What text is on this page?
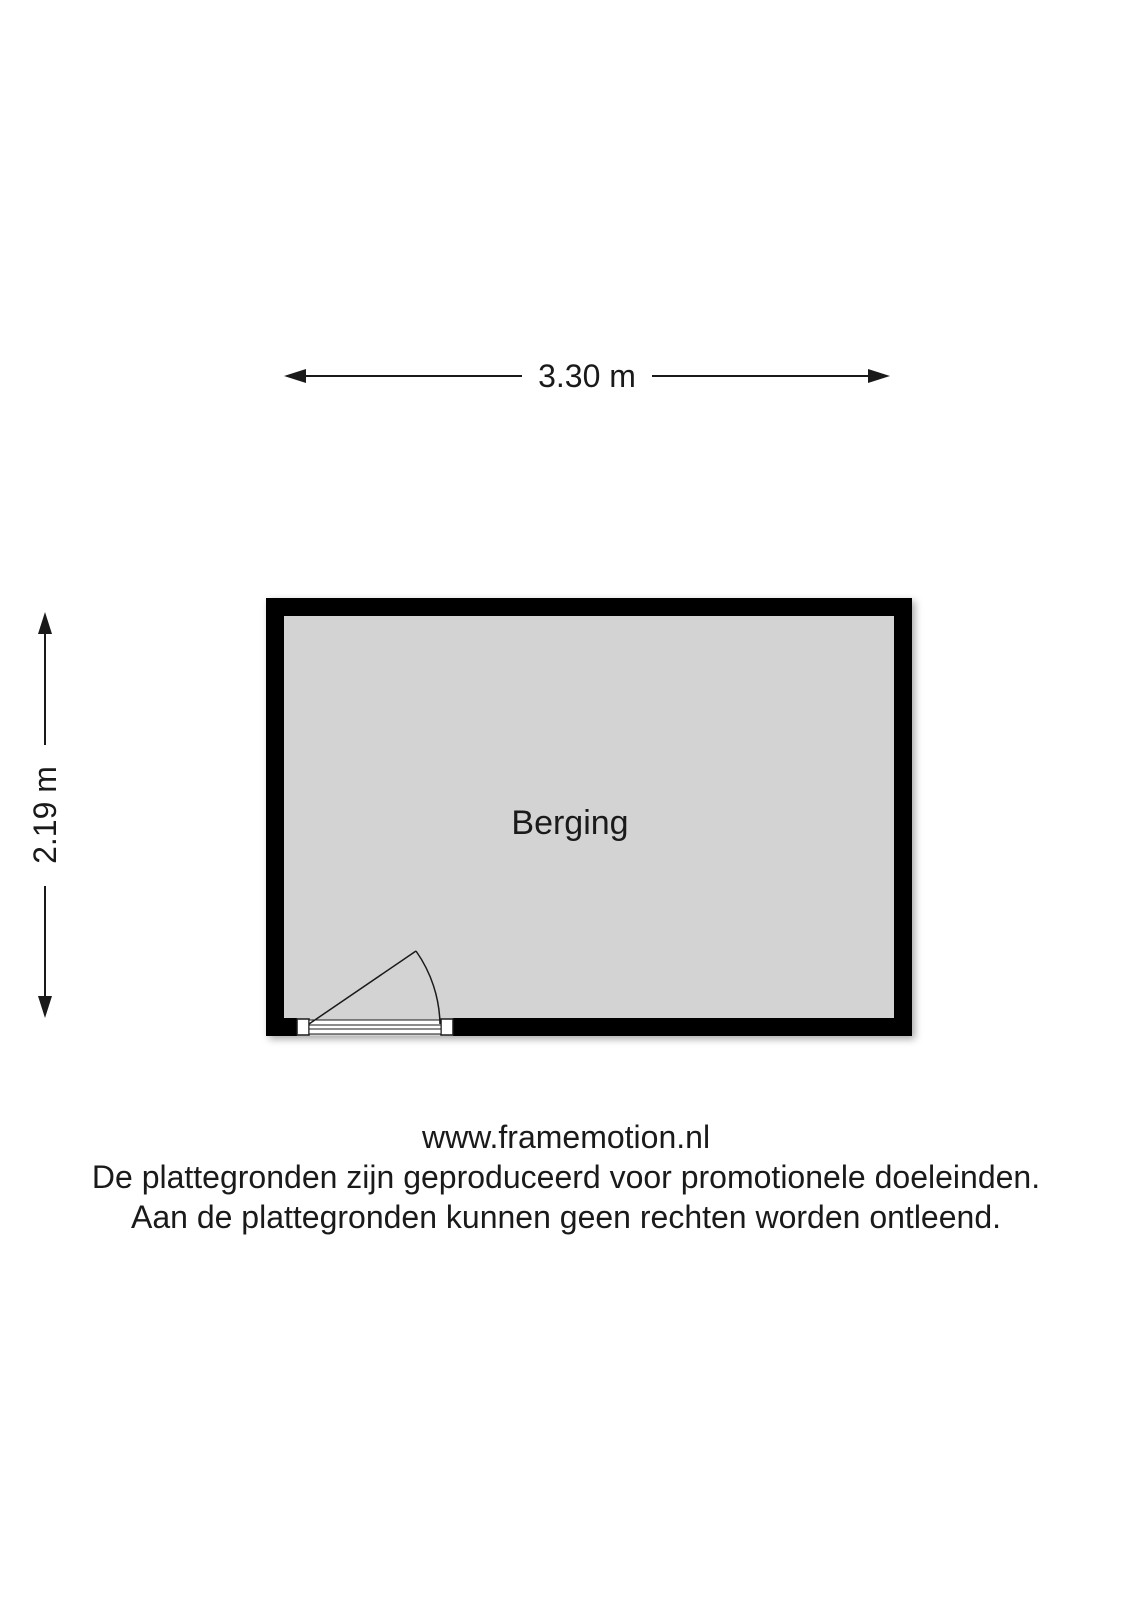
3.30 m
2.19 m	Berging
www.framemotion.nl
De plattegronden zijn geproduceerd voor promotionele doeleinden.
Aan de plattegronden kunnen geen rechten worden ontleend.
